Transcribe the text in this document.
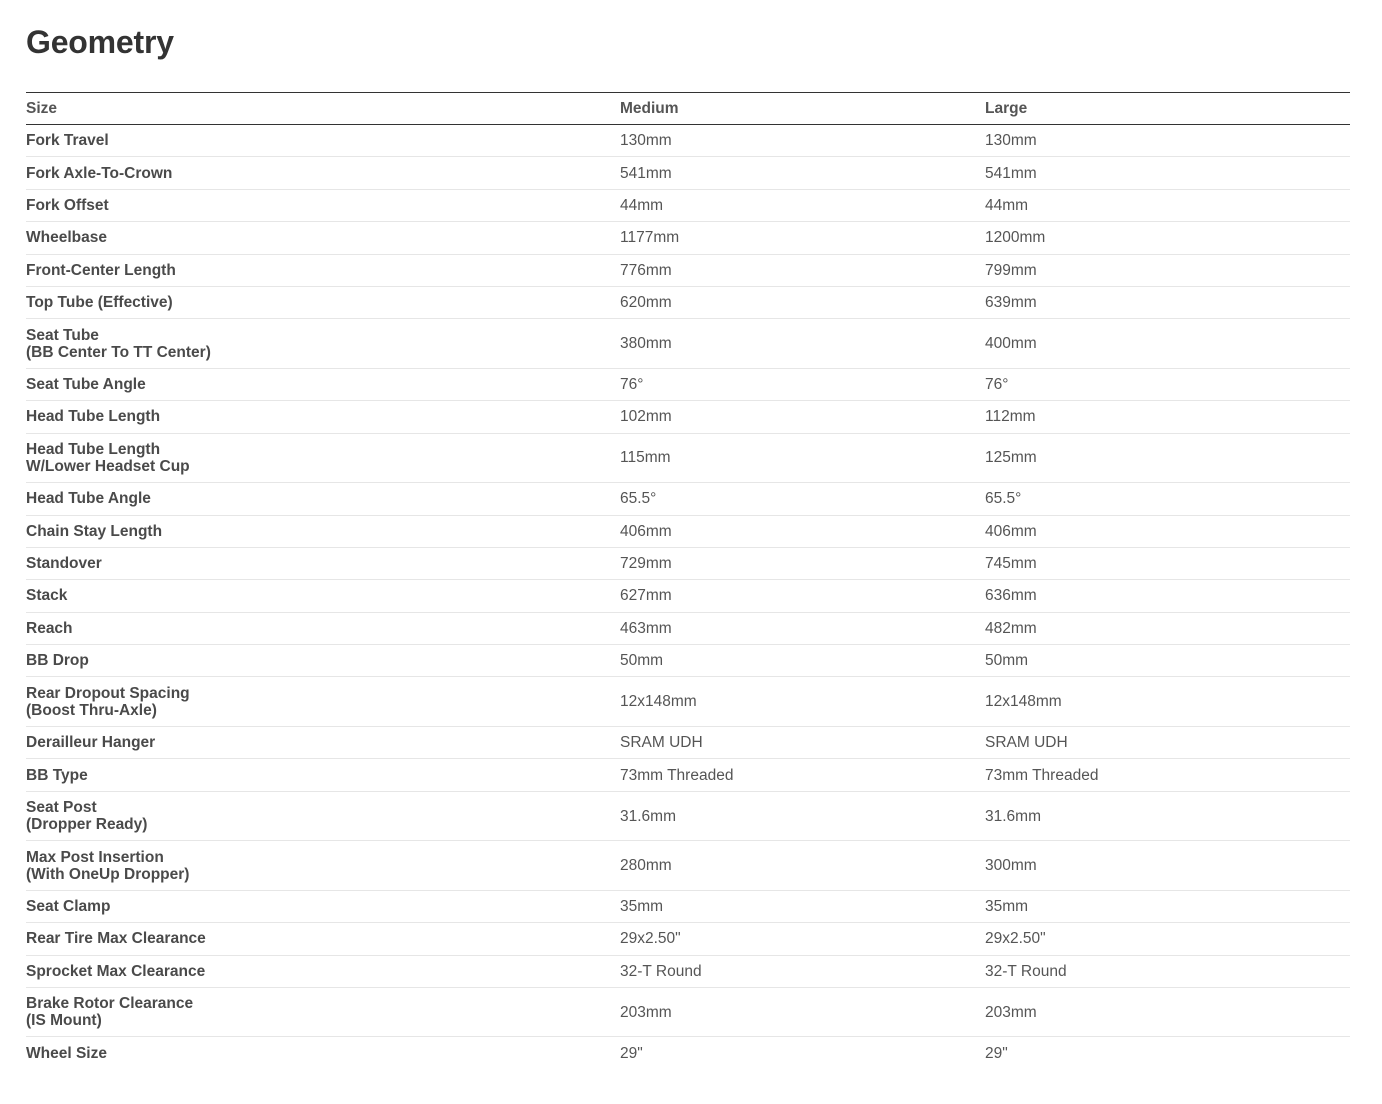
Geometry
Size	Medium	Large

Fork Travel	130mm	130mm

Fork Axle-To-Crown	541mm	541mm

Fork Offset	44mm	44mm

Wheelbase	1177mm	1200mm

Front-Center Length	776mm	799mm

Top Tube (Effective)	620mm	639mm

Seat Tube
(BB Center To TT Center)	380mm	400mm

Seat Tube Angle	76°	76°

Head Tube Length	102mm	112mm

Head Tube Length
W/Lower Headset Cup	115mm	125mm

Head Tube Angle	65.5°	65.5°

Chain Stay Length	406mm	406mm

Standover	729mm	745mm

Stack	627mm	636mm

Reach	463mm	482mm

BB Drop	50mm	50mm

Rear Dropout Spacing
(Boost Thru-Axle)	12x148mm	12x148mm

Derailleur Hanger	SRAM UDH	SRAM UDH

BB Type	73mm Threaded	73mm Threaded

Seat Post
(Dropper Ready)	31.6mm	31.6mm

Max Post Insertion
(With OneUp Dropper)	280mm	300mm

Seat Clamp	35mm	35mm

Rear Tire Max Clearance	29x2.50"	29x2.50"

Sprocket Max Clearance	32-T Round	32-T Round

Brake Rotor Clearance
(IS Mount)	203mm	203mm

Wheel Size	29"	29"
